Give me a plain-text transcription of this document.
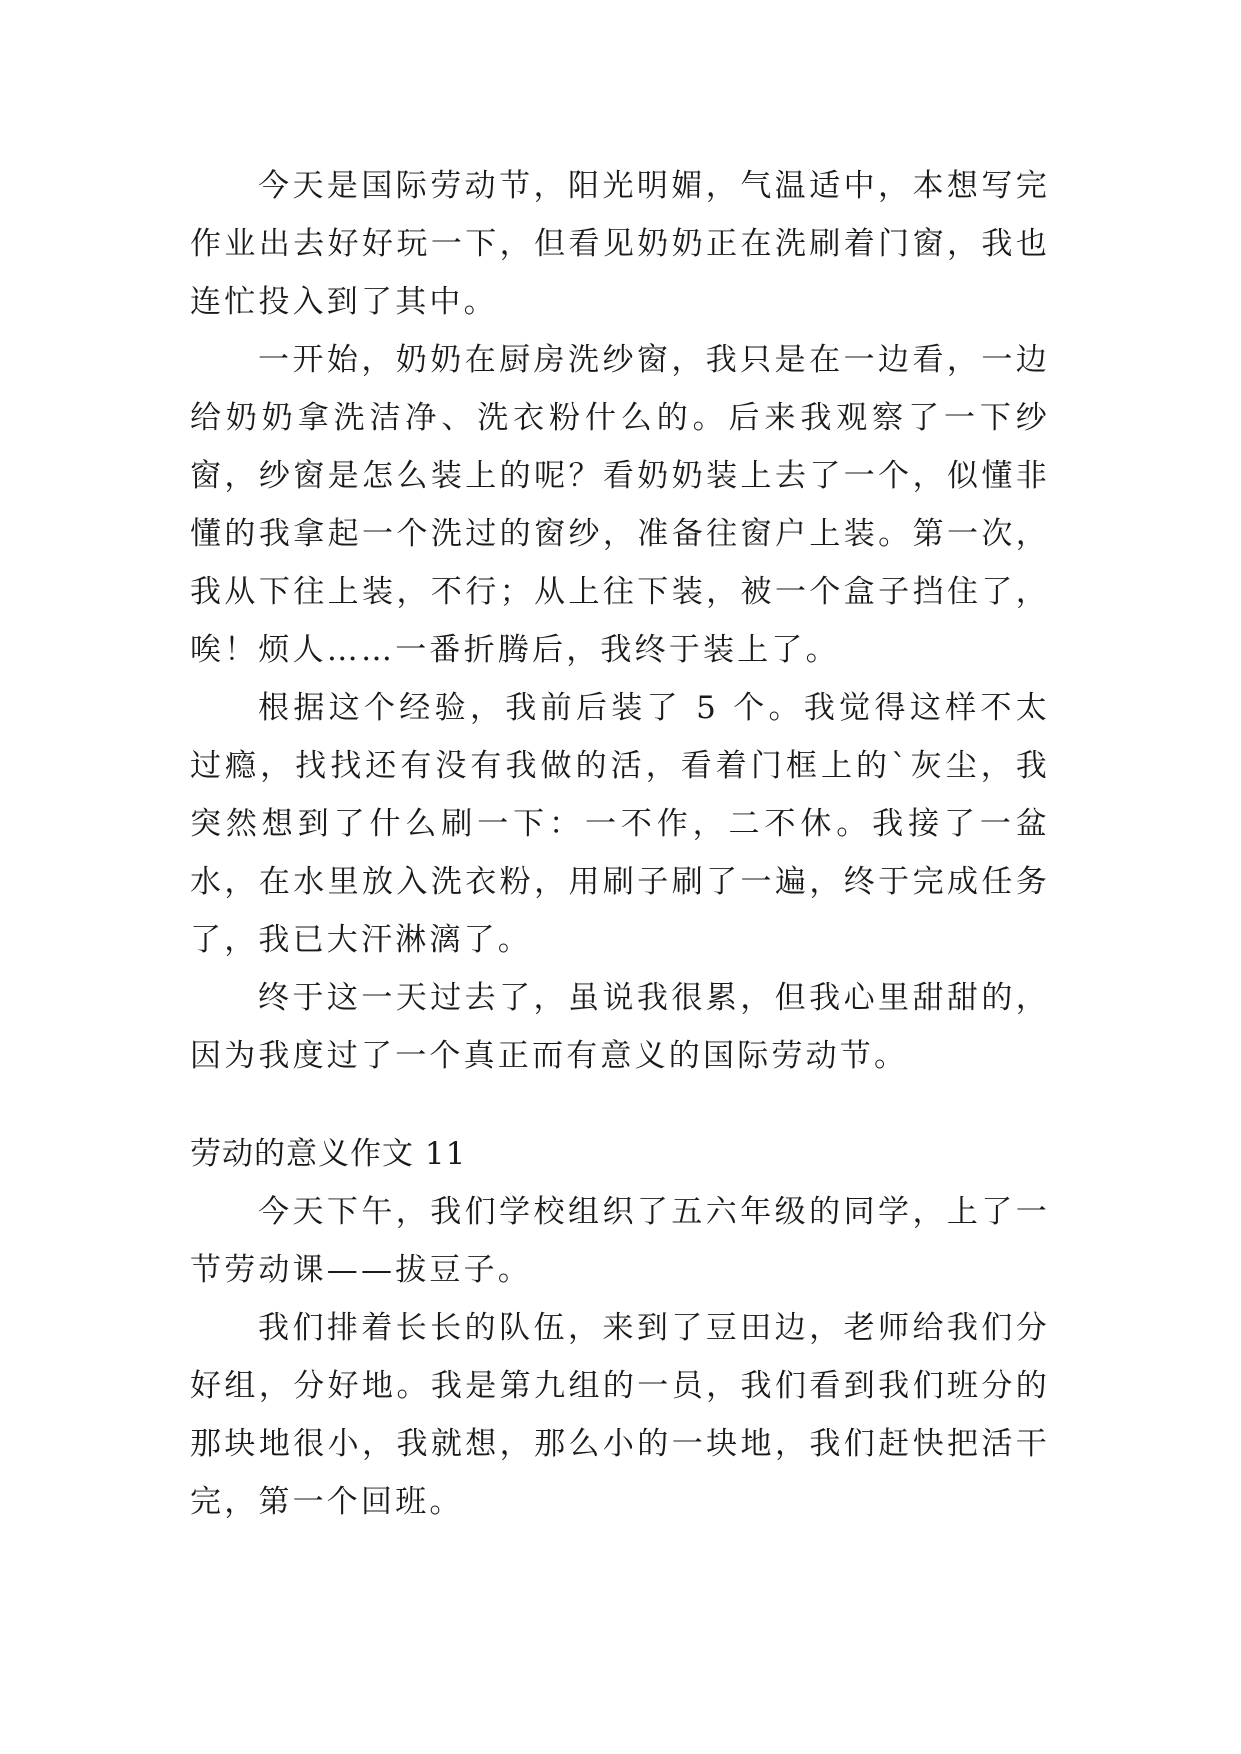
今天是国际劳动节，阳光明媚，气温适中，本想写完作业出去好好玩一下，但看见奶奶正在洗刷着门窗，我也连忙投入到了其中。

一开始，奶奶在厨房洗纱窗，我只是在一边看，一边给奶奶拿洗洁净、洗衣粉什么的。后来我观察了一下纱窗，纱窗是怎么装上的呢？看奶奶装上去了一个，似懂非懂的我拿起一个洗过的窗纱，准备往窗户上装。第一次，我从下往上装，不行；从上往下装，被一个盒子挡住了，唉！烦人……一番折腾后，我终于装上了。

根据这个经验，我前后装了 5 个。我觉得这样不太过瘾，找找还有没有我做的活，看着门框上的`灰尘，我突然想到了什么刷一下：一不作，二不休。我接了一盆水，在水里放入洗衣粉，用刷子刷了一遍，终于完成任务了，我已大汗淋漓了。

终于这一天过去了，虽说我很累，但我心里甜甜的，因为我度过了一个真正而有意义的国际劳动节。

劳动的意义作文 11

今天下午，我们学校组织了五六年级的同学，上了一节劳动课——拔豆子。

我们排着长长的队伍，来到了豆田边，老师给我们分好组，分好地。我是第九组的一员，我们看到我们班分的那块地很小，我就想，那么小的一块地，我们赶快把活干完，第一个回班。
